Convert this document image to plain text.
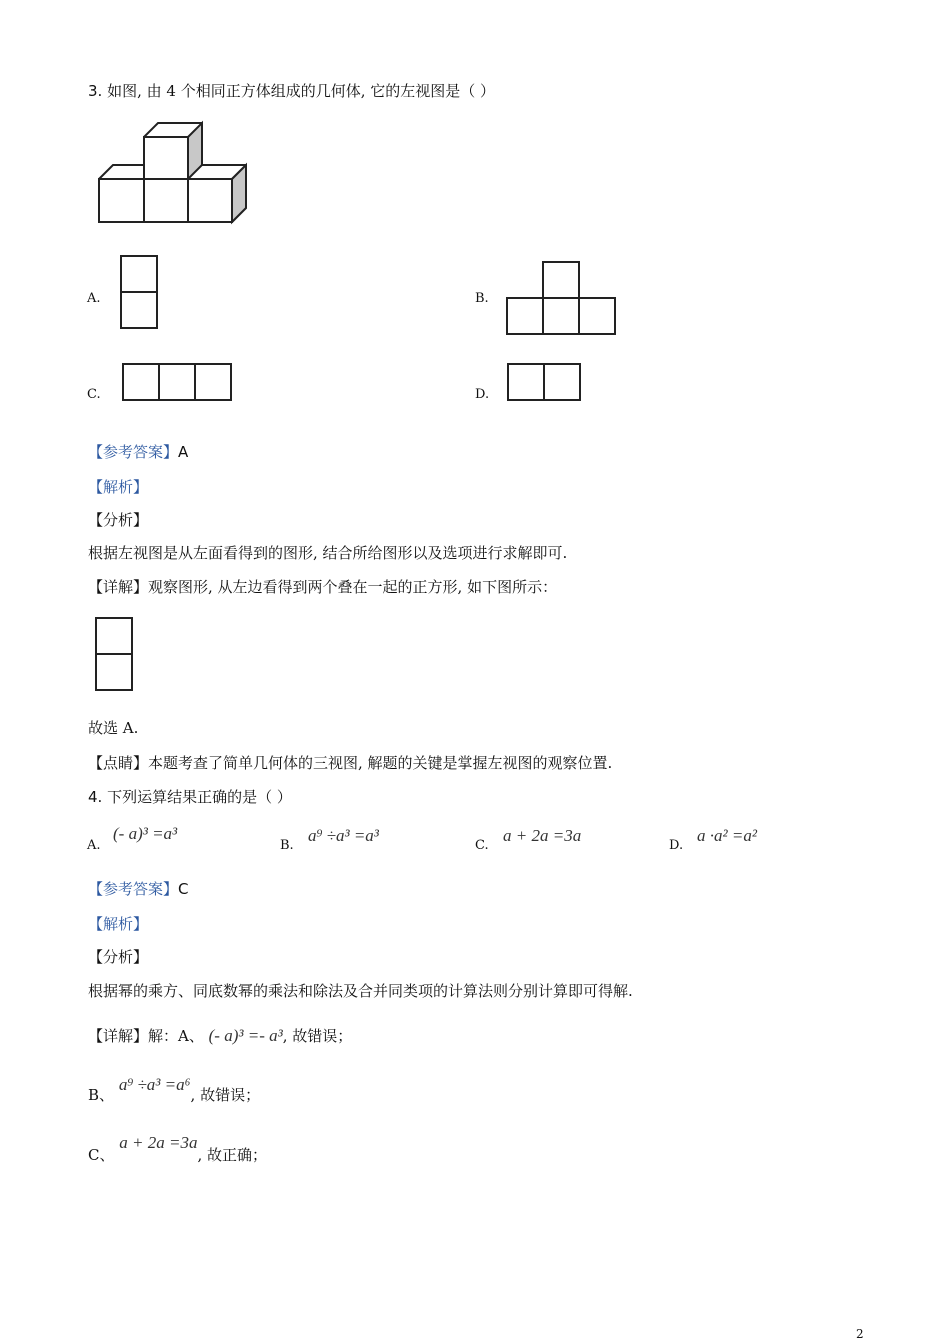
3. 如图, 由 4 个相同正方体组成的几何体, 它的左视图是（ ）
A.	B.
C.	D.
【参考答案】A
【解析】
【分析】
根据左视图是从左面看得到的图形, 结合所给图形以及选项进行求解即可.
【详解】观察图形, 从左边看得到两个叠在一起的正方形, 如下图所示：
故选 A.
【点睛】本题考查了简单几何体的三视图, 解题的关键是掌握左视图的观察位置.
4. 下列运算结果正确的是（ ）
A.
(- a)³ =a³
B.
a⁹ ÷a³ =a³
C.
a + 2a =3a
D.
a ·a² =a²
【参考答案】C
【解析】
【分析】
根据幂的乘方、同底数幂的乘法和除法及合并同类项的计算法则分别计算即可得解.
【详解】解：A、 (- a)³ =- a³, 故错误；
B、 a⁹ ÷a³ =a⁶, 故错误；
C、 a + 2a =3a, 故正确；
2
